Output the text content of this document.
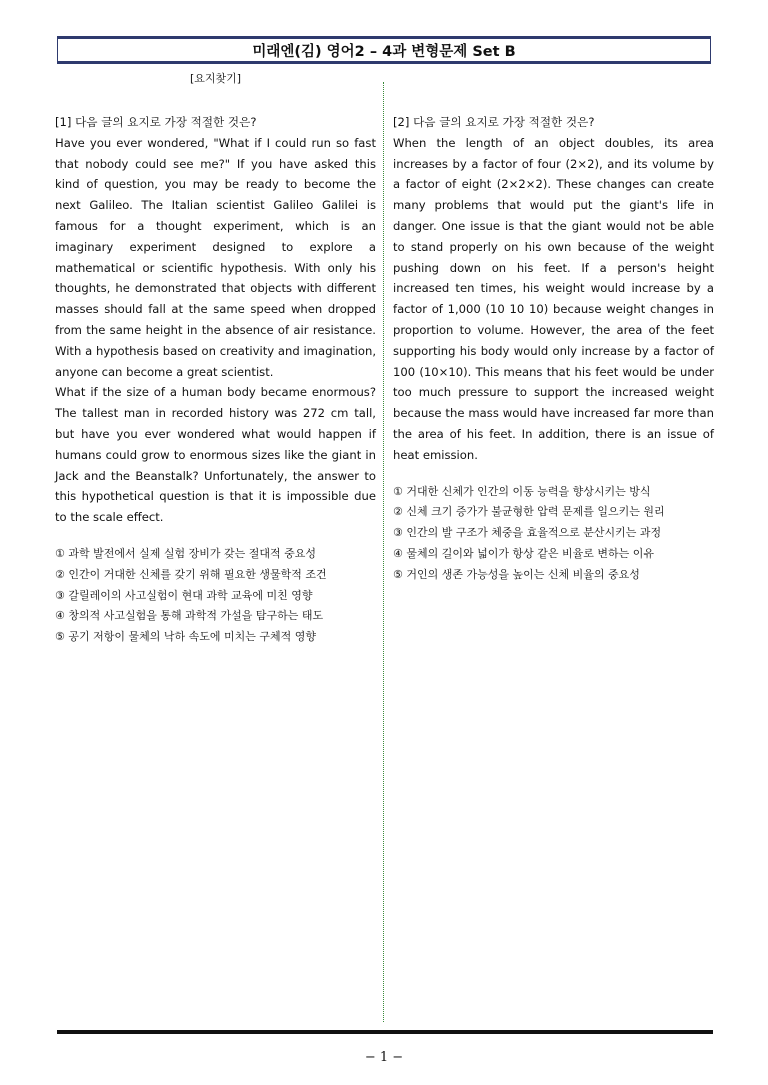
미래엔(김) 영어2 – 4과 변형문제 Set B
[요지찾기]

[1] 다음 글의 요지로 가장 적절한 것은?

Have you ever wondered, "What if I could run so fast that nobody could see me?" If you have asked this kind of question, you may be ready to become the next Galileo. The Italian scientist Galileo Galilei is famous for a thought experiment, which is an imaginary experiment designed to explore a mathematical or scientific hypothesis. With only his thoughts, he demonstrated that objects with different masses should fall at the same speed when dropped from the same height in the absence of air resistance. With a hypothesis based on creativity and imagination, anyone can become a great scientist.

What if the size of a human body became enormous? The tallest man in recorded history was 272 cm tall, but have you ever wondered what would happen if humans could grow to enormous sizes like the giant in Jack and the Beanstalk? Unfortunately, the answer to this hypothetical question is that it is impossible due to the scale effect.

① 과학 발전에서 실제 실험 장비가 갖는 절대적 중요성
② 인간이 거대한 신체를 갖기 위해 필요한 생물학적 조건
③ 갈릴레이의 사고실험이 현대 과학 교육에 미친 영향
④ 창의적 사고실험을 통해 과학적 가설을 탐구하는 태도
⑤ 공기 저항이 물체의 낙하 속도에 미치는 구체적 영향

[2] 다음 글의 요지로 가장 적절한 것은?

When the length of an object doubles, its area increases by a factor of four (2×2), and its volume by a factor of eight (2×2×2). These changes can create many problems that would put the giant's life in danger. One issue is that the giant would not be able to stand properly on his own because of the weight pushing down on his feet. If a person's height increased ten times, his weight would increase by a factor of 1,000 (10 10 10) because weight changes in proportion to volume. However, the area of the feet supporting his body would only increase by a factor of 100 (10×10). This means that his feet would be under too much pressure to support the increased weight because the mass would have increased far more than the area of his feet. In addition, there is an issue of heat emission.

① 거대한 신체가 인간의 이동 능력을 향상시키는 방식
② 신체 크기 증가가 불균형한 압력 문제를 일으키는 원리
③ 인간의 발 구조가 체중을 효율적으로 분산시키는 과정
④ 물체의 길이와 넓이가 항상 같은 비율로 변하는 이유
⑤ 거인의 생존 가능성을 높이는 신체 비율의 중요성
− 1 −
